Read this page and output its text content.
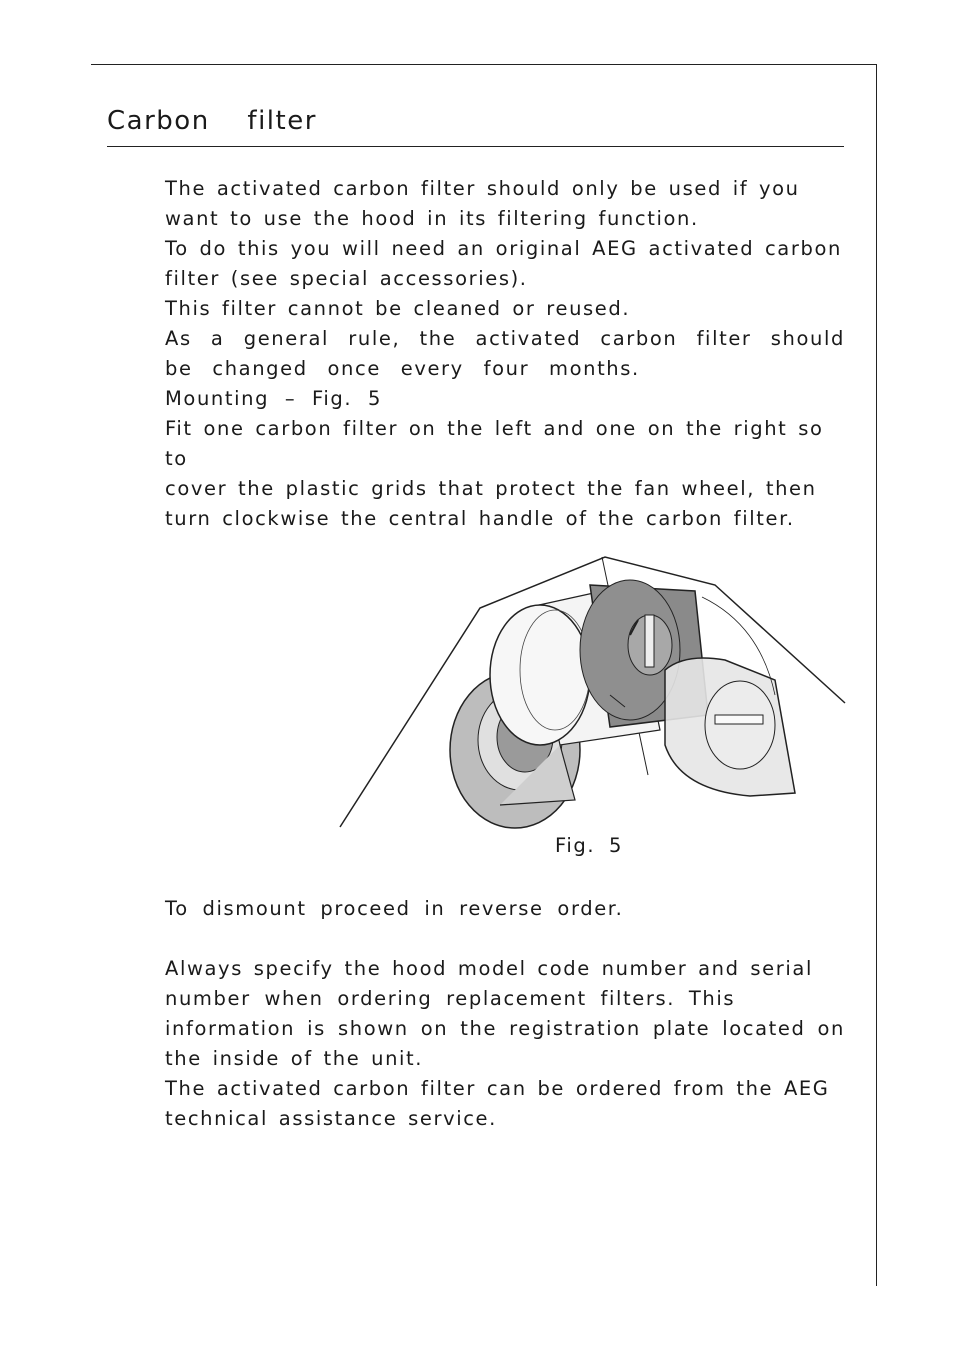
Carbon filter

The activated carbon filter should only be used if you

want to use the hood in its filtering function.

To do this you will need an original AEG activated carbon

filter (see special accessories).

This filter cannot be cleaned or reused.

As a general rule, the activated carbon filter should

be changed once every four months.

Mounting – Fig. 5

Fit one carbon filter on the left and one on the right so to

cover the plastic grids that protect the fan wheel, then

turn clockwise the central handle of the carbon filter.

Fig. 5

To dismount proceed in reverse order.

Always specify the hood model code number and serial

number when ordering replacement filters. This

information is shown on the registration plate located on

the inside of the unit.

The activated carbon filter can be ordered from the AEG

technical assistance service.
